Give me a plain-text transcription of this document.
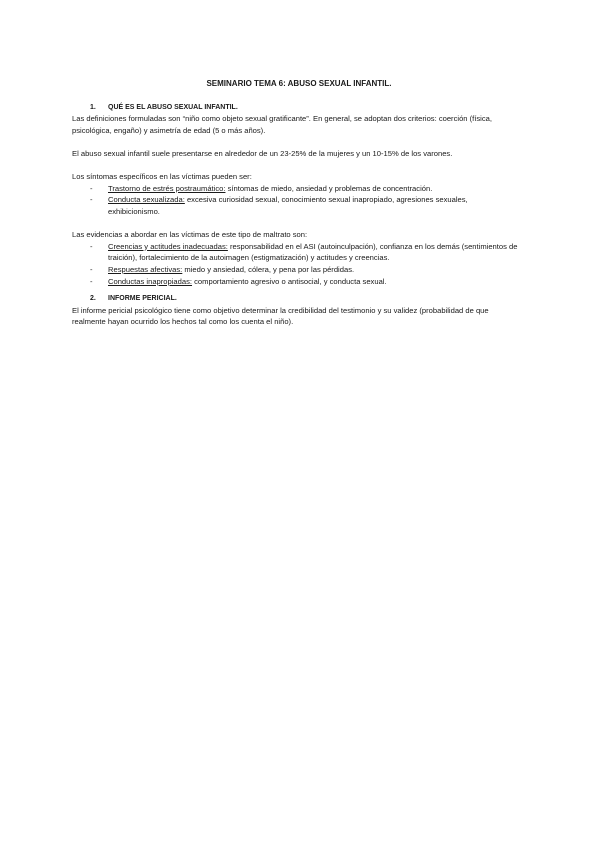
SEMINARIO TEMA 6: ABUSO SEXUAL INFANTIL.
1.	QUÉ ES EL ABUSO SEXUAL INFANTIL.

Las definiciones formuladas son “niño como objeto sexual gratificante”. En general, se adoptan dos criterios: coerción (física, psicológica, engaño) y asimetría de edad (5 o más años).

El abuso sexual infantil suele presentarse en alrededor de un 23-25% de la mujeres y un 10-15% de los varones.

Los síntomas específicos en las víctimas pueden ser:

-	Trastorno de estrés postraumático: síntomas de miedo, ansiedad y problemas de concentración.
-	Conducta sexualizada: excesiva curiosidad sexual, conocimiento sexual inapropiado, agresiones sexuales, exhibicionismo.

Las evidencias a abordar en las víctimas de este tipo de maltrato son:

-	Creencias y actitudes inadecuadas: responsabilidad en el ASI (autoinculpación), confianza en los demás (sentimientos de traición), fortalecimiento de la autoimagen (estigmatización) y actitudes y creencias.
-	Respuestas afectivas: miedo y ansiedad, cólera, y pena por las pérdidas.
-	Conductas inapropiadas: comportamiento agresivo o antisocial, y conducta sexual.
2.	INFORME PERICIAL.

El informe pericial psicológico tiene como objetivo determinar la credibilidad del testimonio y su validez (probabilidad de que realmente hayan ocurrido los hechos tal como los cuenta el niño).
